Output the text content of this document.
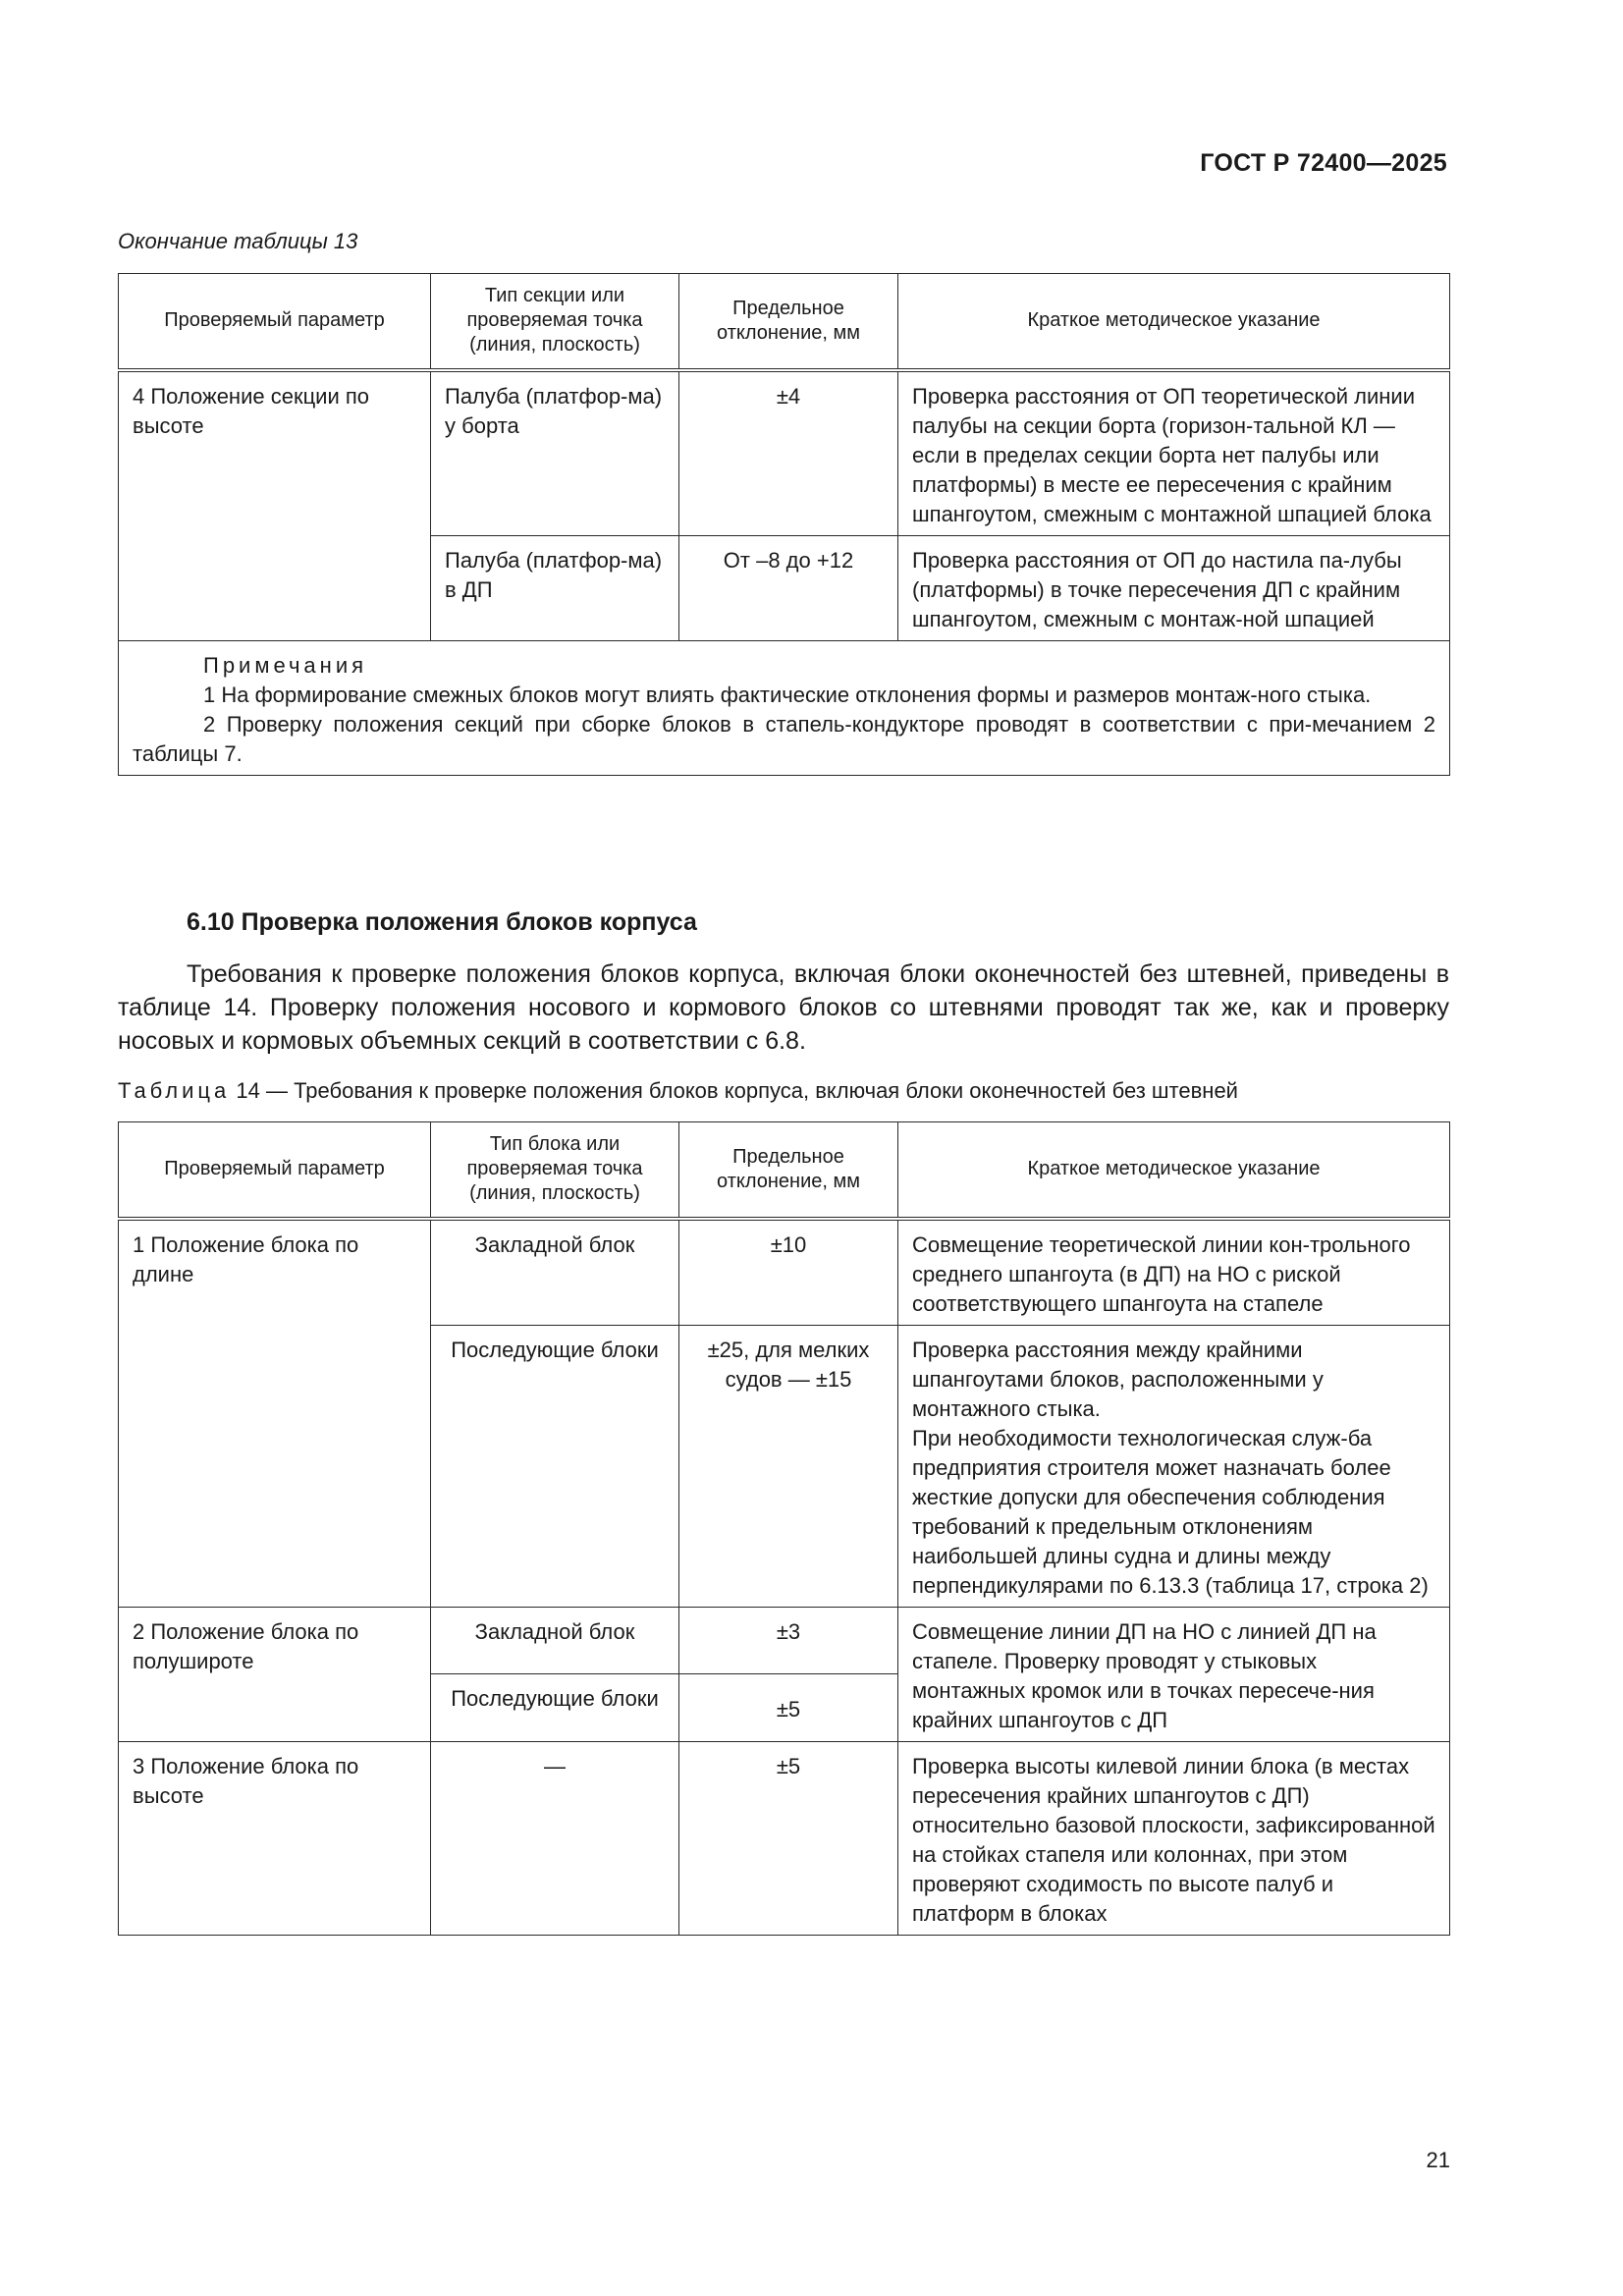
ГОСТ Р 72400—2025
Окончание таблицы 13
Проверяемый параметр	Тип секции или проверяемая точка (линия, плоскость)	Предельное отклонение, мм	Краткое методическое указание
4 Положение секции по высоте	Палуба (платфор-ма) у борта	±4	Проверка расстояния от ОП теоретической линии палубы на секции борта (горизон-тальной КЛ — если в пределах секции борта нет палубы или платформы) в месте ее пересечения с крайним шпангоутом, смежным с монтажной шпацией блока
	Палуба (платфор-ма) в ДП	От –8 до +12	Проверка расстояния от ОП до настила па-лубы (платформы) в точке пересечения ДП с крайним шпангоутом, смежным с монтаж-ной шпацией

Примечания
1 На формирование смежных блоков могут влиять фактические отклонения формы и размеров монтаж-ного стыка.
2 Проверку положения секций при сборке блоков в стапель-кондукторе проводят в соответствии с при-мечанием 2 таблицы 7.			
6.10 Проверка положения блоков корпуса
Требования к проверке положения блоков корпуса, включая блоки оконечностей без штевней, приведены в таблице 14. Проверку положения носового и кормового блоков со штевнями проводят так же, как и проверку носовых и кормовых объемных секций в соответствии с 6.8.
Таблица 14 — Требования к проверке положения блоков корпуса, включая блоки оконечностей без штевней
Проверяемый параметр	Тип блока или проверяемая точка (линия, плоскость)	Предельное отклонение, мм	Краткое методическое указание
1 Положение блока по длине	Закладной блок	±10	Совмещение теоретической линии кон-трольного среднего шпангоута (в ДП) на НО с риской соответствующего шпангоута на стапеле
	Последующие блоки	±25, для мелких судов — ±15	Проверка расстояния между крайними шпангоутами блоков, расположенными у монтажного стыка.
При необходимости технологическая служ-ба предприятия строителя может назначать более жесткие допуски для обеспечения соблюдения требований к предельным отклонениям наибольшей длины судна и длины между перпендикулярами по 6.13.3 (таблица 17, строка 2)
2 Положение блока по полушироте	Закладной блок	±3	Совмещение линии ДП на НО с линией ДП на стапеле. Проверку проводят у стыковых монтажных кромок или в точках пересече-ния крайних шпангоутов с ДП
	Последующие блоки	±5	
3 Положение блока по высоте	—	±5	Проверка высоты килевой линии блока (в местах пересечения крайних шпангоутов с ДП) относительно базовой плоскости, зафиксированной на стойках стапеля или колоннах, при этом проверяют сходимость по высоте палуб и платформ в блоках
21
